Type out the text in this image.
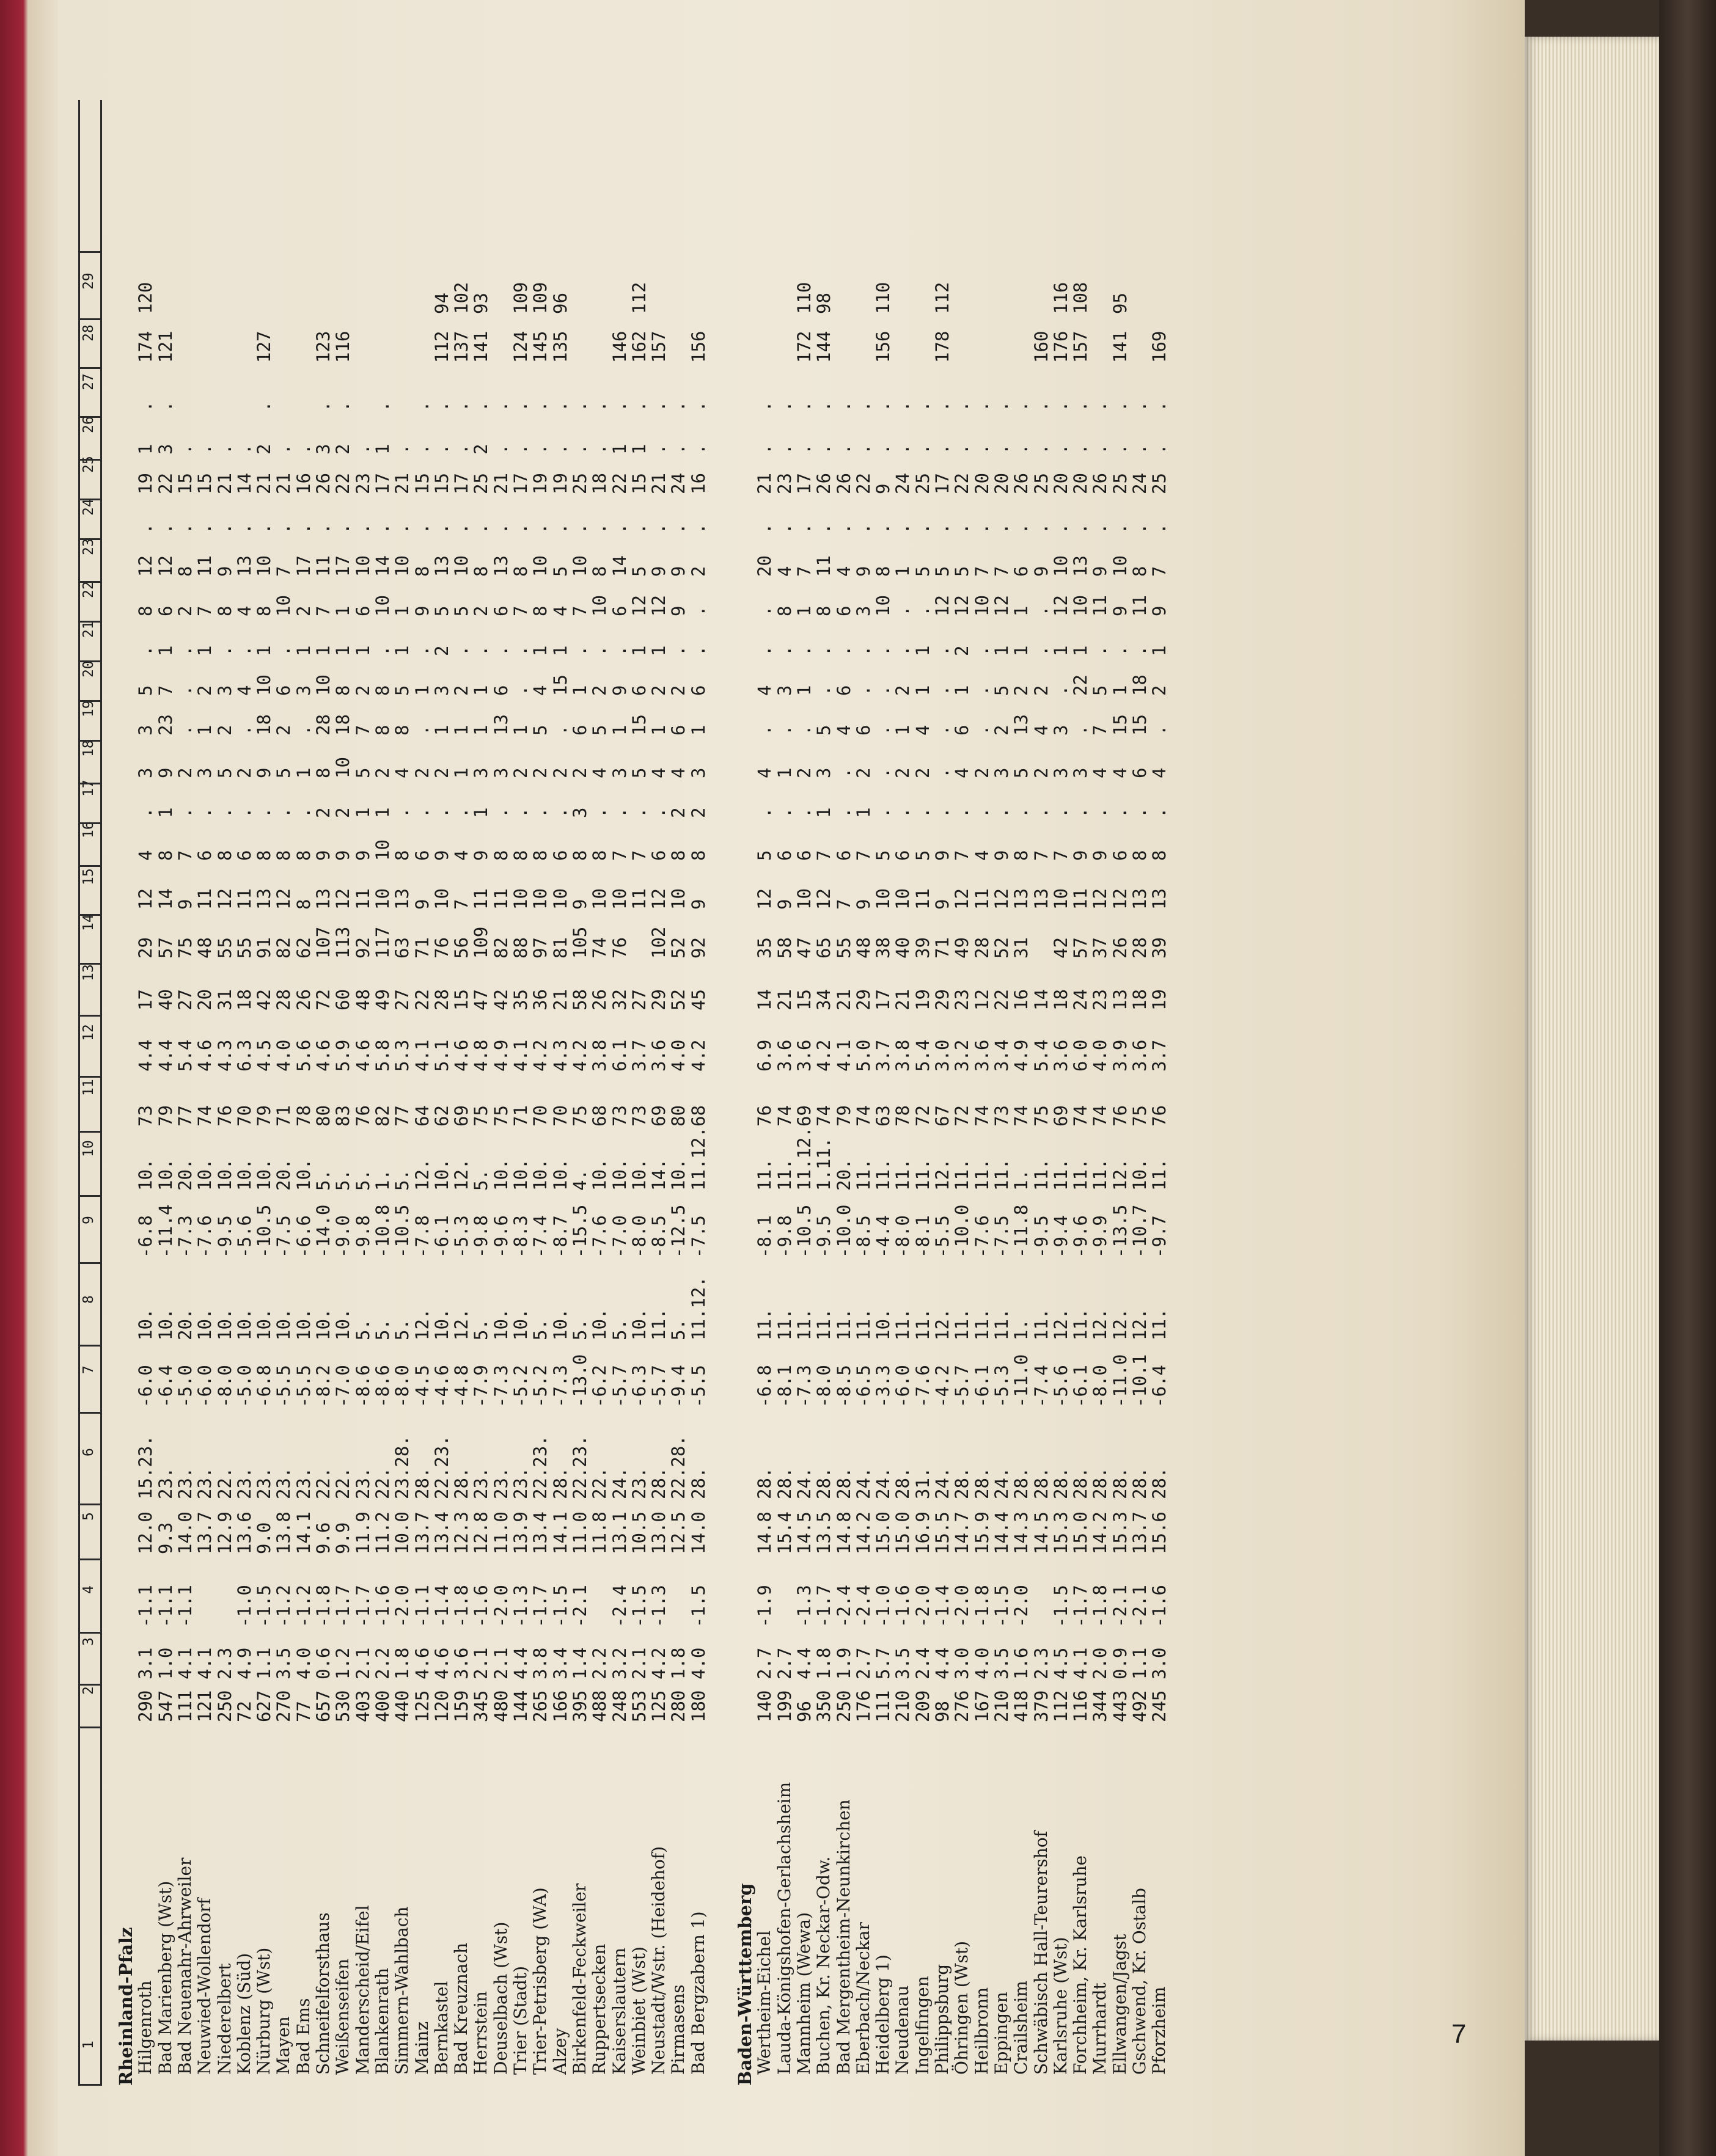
1
2
3
4
5
6
7
8
9
10
11
12
13
14
15
16
17
18
19
20
21
22
23
24
25
26
27
28
29
Rheinland-Pfalz
Hilgenroth
290
3.1
-1.1
12.0
15.23.
-6.0
10.
-6.8
10.
73
4.4
17
29
12
4
.
3
3
5
.
8
12
.
19
1
.
174
120
Bad Marienberg (Wst)
547
1.0
-1.1
9.3
23.
-6.4
10.
-11.4
10.
79
4.4
40
57
14
8
1
9
23
7
1
6
12
.
22
3
.
121
Bad Neuenahr-Ahrweiler
111
4.1
-1.1
14.0
23.
-5.0
20.
-7.3
20.
77
5.4
27
75
9
7
.
2
.
.
.
2
8
.
15
.
Neuwied-Wollendorf
121
4.1
13.7
23.
-6.0
10.
-7.6
10.
74
4.6
20
48
11
6
.
3
1
2
1
7
11
.
15
.
Niederelbert
250
2.3
12.9
22.
-8.0
10.
-9.5
10.
76
4.3
31
55
12
8
.
5
2
3
.
8
9
.
21
.
Koblenz (Süd)
72
4.9
-1.0
13.6
23.
-5.0
10.
-5.6
10.
70
6.3
18
55
11
6
.
2
.
4
.
4
13
.
14
.
Nürburg (Wst)
627
1.1
-1.5
9.0
23.
-6.8
10.
-10.5
10.
79
4.5
42
91
13
8
.
9
18
10
1
8
10
.
21
2
.
127
Mayen
270
3.5
-1.2
13.8
23.
-5.5
10.
-7.5
20.
71
4.0
28
82
12
8
.
5
2
6
.
10
7
.
21
.
Bad Ems
77
4.0
-1.2
14.1
23.
-5.5
10.
-6.6
10.
78
5.6
26
62
8
8
.
1
.
3
1
2
17
.
16
.
Schneifelforsthaus
657
0.6
-1.8
9.6
22.
-8.2
10.
-14.0
5.
80
4.6
72
107
13
9
2
8
28
10
1
7
11
.
26
3
.
123
Weißenseifen
530
1.2
-1.7
9.9
22.
-7.0
10.
-9.0
5.
83
5.9
60
113
12
9
2
10
18
8
1
1
17
.
22
2
.
116
Manderscheid/Eifel
403
2.1
-1.7
11.9
23.
-8.6
5.
-9.8
5.
76
4.6
48
92
11
9
1
5
7
2
1
6
10
.
23
.
Blankenrath
400
2.2
-1.6
11.2
22.
-8.6
5.
-10.8
1.
82
5.8
49
117
10
10
1
2
8
8
.
10
14
.
17
1
.
Simmern-Wahlbach
440
1.8
-2.0
10.0
23.28.
-8.0
5.
-10.5
5.
77
5.3
27
63
13
8
.
4
8
5
1
1
10
.
21
.
Mainz
125
4.6
-1.1
13.7
28.
-4.5
12.
-7.8
12.
64
4.1
22
71
9
6
.
2
.
1
.
9
8
.
15
.
.
Bernkastel
120
4.6
-1.4
13.4
22.23.
-4.6
10.
-6.1
10.
62
5.1
28
76
10
9
.
2
1
3
2
5
13
.
15
.
.
112
94
Bad Kreuznach
159
3.6
-1.8
12.3
28.
-4.8
12.
-5.3
12.
69
4.6
15
56
7
4
.
1
1
2
.
5
10
.
17
.
.
137
102
Herrstein
345
2.1
-1.6
12.8
23.
-7.9
5.
-9.8
5.
75
4.8
47
109
11
9
1
3
1
1
.
2
8
.
25
2
.
141
93
Deuselbach (Wst)
480
2.1
-2.0
11.0
23.
-7.3
10.
-9.6
10.
75
4.9
42
82
11
8
.
3
13
6
.
6
13
.
21
.
.
Trier (Stadt)
144
4.4
-1.3
13.9
23.
-5.2
10.
-8.3
10.
71
4.1
35
88
10
8
.
2
1
.
.
7
8
.
17
.
.
124
109
Trier-Petrisberg (WA)
265
3.8
-1.7
13.4
22.23.
-5.2
5.
-7.4
10.
70
4.2
36
97
10
8
.
2
5
4
1
8
10
.
19
.
.
145
109
Alzey
166
3.4
-1.5
14.1
28.
-7.3
10.
-8.7
10.
70
4.3
21
81
10
6
.
2
.
15
1
4
5
.
19
.
.
135
96
Birkenfeld-Feckweiler
395
1.4
-2.1
11.0
22.23.
-13.0
5.
-15.5
4.
75
4.2
58
105
9
8
3
2
6
1
.
7
10
.
25
.
.
Ruppertsecken
488
2.2
11.8
22.
-6.2
10.
-7.6
10.
68
3.8
26
74
10
8
.
4
5
2
.
10
8
.
18
.
.
Kaiserslautern
248
3.2
-2.4
13.1
24.
-5.7
5.
-7.0
10.
73
6.1
32
76
10
7
.
3
1
9
.
6
14
.
22
1
.
146
Weinbiet (Wst)
553
2.1
-1.5
10.5
23.
-6.3
10.
-8.0
10.
73
3.7
27
11
7
.
5
15
6
1
12
5
.
15
1
.
162
112
Neustadt/Wstr. (Heidehof)
125
4.2
-1.3
13.0
28.
-5.7
11.
-8.5
14.
69
3.6
29
102
12
6
.
4
1
2
1
12
9
.
21
.
.
157
Pirmasens
280
1.8
12.5
22.28.
-9.4
5.
-12.5
10.
80
4.0
52
52
10
8
2
4
6
2
.
9
9
.
24
.
.
Bad Bergzabern 1)
180
4.0
-1.5
14.0
28.
-5.5
11.12.
-7.5
11.12.
68
4.2
45
92
9
8
2
3
1
6
.
.
2
.
16
.
.
156
Baden-Württemberg
Wertheim-Eichel
140
2.7
-1.9
14.8
28.
-6.8
11.
-8.1
11.
76
6.9
14
35
12
5
.
4
.
4
.
.
20
.
21
.
.
Lauda-Königshofen-Gerlachsheim
199
2.7
15.4
28.
-8.1
11.
-9.8
11.
74
3.6
21
58
9
6
.
1
.
3
.
8
4
.
23
.
.
Mannheim (Wewa)
96
4.4
-1.3
14.5
24.
-7.3
11.
-10.5
11.12.
69
3.6
15
47
10
6
.
2
.
1
.
1
7
.
17
.
.
172
110
Buchen, Kr. Neckar-Odw.
350
1.8
-1.7
13.5
28.
-8.0
11.
-9.5
1.11.
74
4.2
34
65
12
7
1
3
5
.
.
8
11
.
26
.
.
144
98
Bad Mergentheim-Neunkirchen
250
1.9
-2.4
14.8
28.
-8.5
11.
-10.0
20.
79
4.1
21
55
7
6
.
.
4
6
.
6
4
.
26
.
.
Eberbach/Neckar
176
2.7
-2.4
14.2
24.
-6.5
11.
-8.5
11.
74
5.0
29
48
9
7
1
2
6
.
.
3
9
.
22
.
.
Heidelberg 1)
111
5.7
-1.0
15.0
24.
-3.3
10.
-4.4
11.
63
3.7
17
38
10
5
.
.
.
.
.
10
8
.
9
.
.
156
110
Neudenau
210
3.5
-1.6
15.0
28.
-6.0
11.
-8.0
11.
78
3.8
21
40
10
6
.
2
1
2
.
.
1
.
24
.
.
Ingelfingen
209
2.4
-2.0
16.9
31.
-7.6
11.
-8.1
11.
72
5.4
19
39
11
5
.
2
4
1
1
.
5
.
25
.
.
Philippsburg
98
4.4
-1.4
15.5
24.
-4.2
12.
-5.5
12.
67
3.0
29
71
9
9
.
.
.
.
.
12
5
.
17
.
.
178
112
Öhringen (Wst)
276
3.0
-2.0
14.7
28.
-5.7
11.
-10.0
11.
72
3.2
23
49
12
7
.
4
6
1
2
12
5
.
22
.
.
Heilbronn
167
4.0
-1.8
15.9
28.
-6.1
11.
-7.6
11.
74
3.6
12
28
11
4
.
2
.
.
.
10
7
.
20
.
.
Eppingen
210
3.5
-1.5
14.4
24.
-5.3
11.
-7.5
11.
73
3.4
22
52
12
9
.
3
2
5
1
12
7
.
20
.
.
Crailsheim
418
1.6
-2.0
14.3
28.
-11.0
1.
-11.8
1.
74
4.9
16
31
13
8
.
5
13
2
1
1
6
.
26
.
.
Schwäbisch Hall-Teurershof
379
2.3
14.5
28.
-7.4
11.
-9.5
11.
75
5.4
14
13
7
.
2
4
2
.
.
9
.
25
.
.
160
Karlsruhe (Wst)
112
4.5
-1.5
15.3
28.
-5.6
12.
-9.4
11.
69
3.6
18
42
10
7
.
3
3
.
1
12
10
.
20
.
.
176
116
Forchheim, Kr. Karlsruhe
116
4.1
-1.7
15.0
28.
-6.1
11.
-9.6
11.
74
6.0
24
57
11
9
.
3
.
22
1
10
13
.
20
.
.
157
108
Murrhardt
344
2.0
-1.8
14.2
28.
-8.0
12.
-9.9
11.
74
4.0
23
37
12
9
.
4
7
5
.
11
9
.
26
.
.
Ellwangen/Jagst
443
0.9
-2.1
15.3
28.
-11.0
12.
-13.5
12.
76
3.9
13
26
12
6
.
4
15
1
.
9
10
.
25
.
.
141
95
Gschwend, Kr. Ostalb
492
1.1
-2.1
13.7
28.
-10.1
12.
-10.7
10.
75
3.6
18
28
13
8
.
6
15
18
.
11
8
.
24
.
.
Pforzheim
245
3.0
-1.6
15.6
28.
-6.4
11.
-9.7
11.
76
3.7
19
39
13
8
.
4
.
2
1
9
7
.
25
.
.
169
7
